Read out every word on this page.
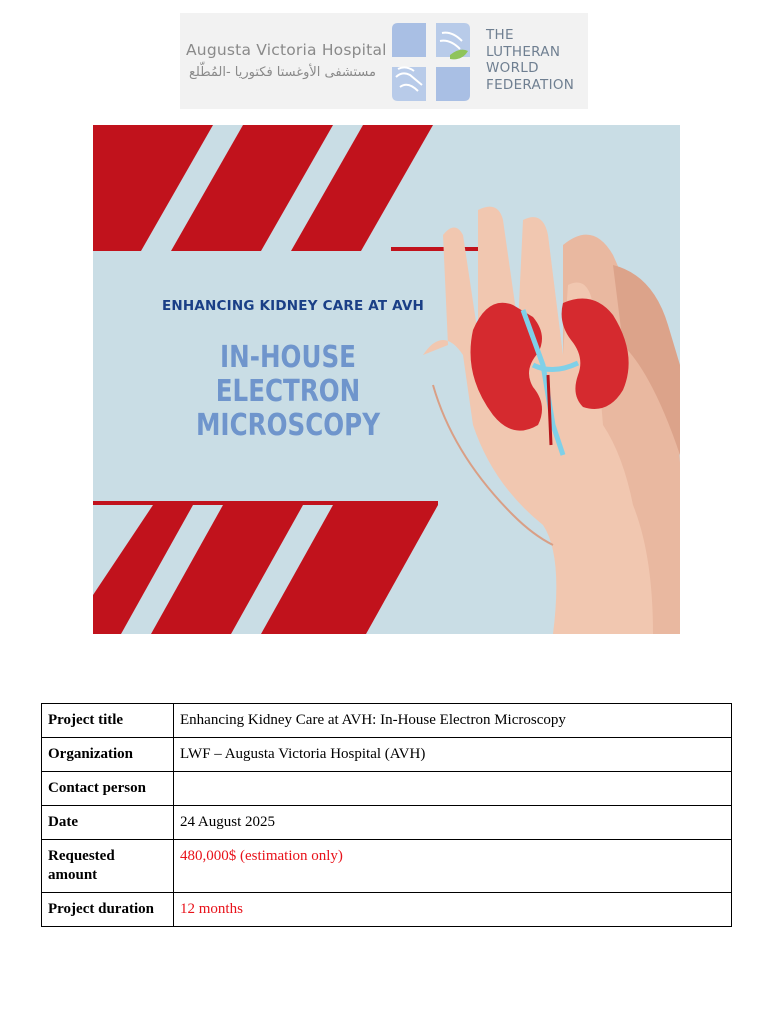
Augusta Victoria Hospital
مستشفى الأوغستا فكتوريا -المُطّلع
THE
LUTHERAN
WORLD
FEDERATION
ENHANCING KIDNEY CARE AT AVH
IN-HOUSE ELECTRON
MICROSCOPY
Project title	Enhancing Kidney Care at AVH: In-House Electron Microscopy
Organization	LWF – Augusta Victoria Hospital (AVH)
Contact person	
Date	24 August 2025
Requested amount	480,000$ (estimation only)
Project duration	12 months
